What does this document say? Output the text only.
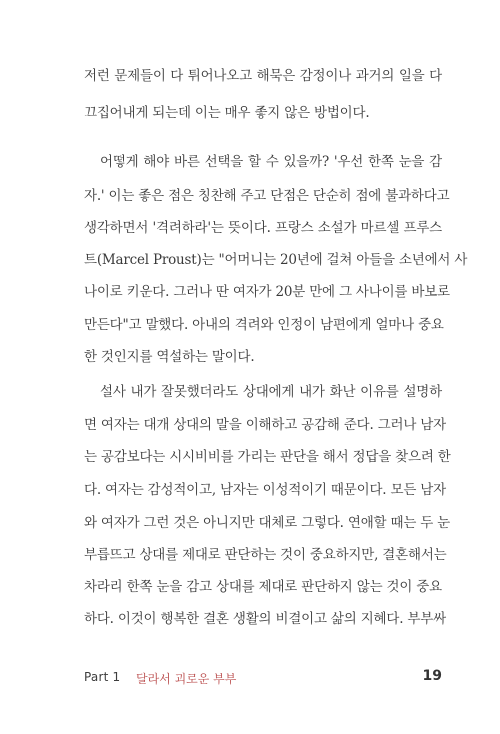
저런 문제들이 다 튀어나오고 해묵은 감정이나 과거의 일을 다
끄집어내게 되는데 이는 매우 좋지 않은 방법이다.
어떻게 해야 바른 선택을 할 수 있을까? '우선 한쪽 눈을 감
자.' 이는 좋은 점은 칭찬해 주고 단점은 단순히 점에 불과하다고
생각하면서 '격려하라'는 뜻이다. 프랑스 소설가 마르셀 프루스
트(Marcel Proust)는 "어머니는 20년에 걸쳐 아들을 소년에서 사
나이로 키운다. 그러나 딴 여자가 20분 만에 그 사나이를 바보로
만든다"고 말했다. 아내의 격려와 인정이 남편에게 얼마나 중요
한 것인지를 역설하는 말이다.
설사 내가 잘못했더라도 상대에게 내가 화난 이유를 설명하
면 여자는 대개 상대의 말을 이해하고 공감해 준다. 그러나 남자
는 공감보다는 시시비비를 가리는 판단을 해서 정답을 찾으려 한
다. 여자는 감성적이고, 남자는 이성적이기 때문이다. 모든 남자
와 여자가 그런 것은 아니지만 대체로 그렇다. 연애할 때는 두 눈
부릅뜨고 상대를 제대로 판단하는 것이 중요하지만, 결혼해서는
차라리 한쪽 눈을 감고 상대를 제대로 판단하지 않는 것이 중요
하다. 이것이 행복한 결혼 생활의 비결이고 삶의 지혜다. 부부싸
Part 1 달라서 괴로운 부부	19
